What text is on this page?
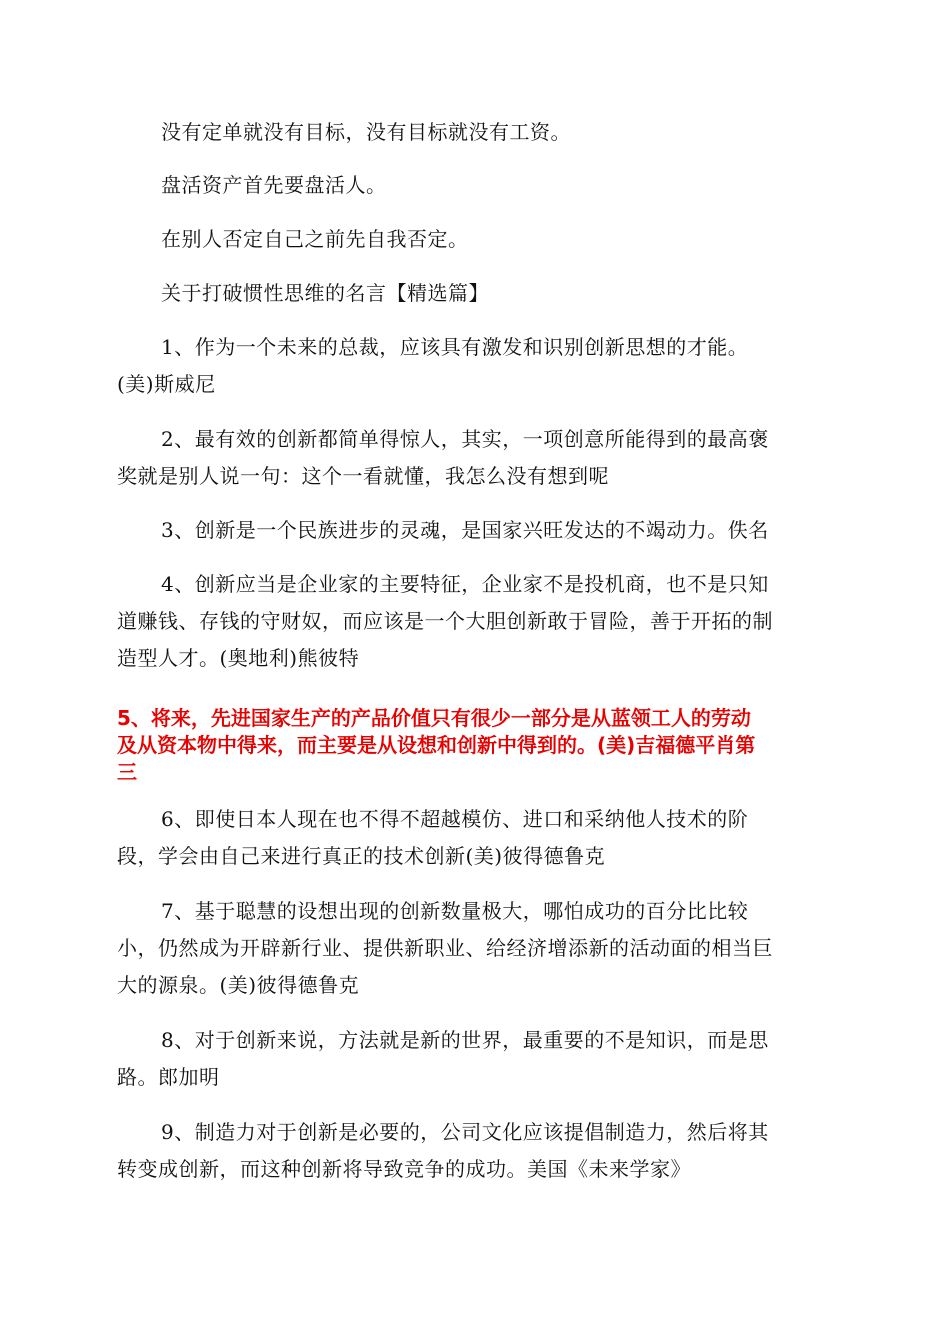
没有定单就没有目标，没有目标就没有工资。

盘活资产首先要盘活人。

在别人否定自己之前先自我否定。

关于打破惯性思维的名言【精选篇】

1、作为一个未来的总裁，应该具有激发和识别创新思想的才能。
(美)斯威尼

2、最有效的创新都简单得惊人，其实，一项创意所能得到的最高褒
奖就是别人说一句：这个一看就懂，我怎么没有想到呢

3、创新是一个民族进步的灵魂，是国家兴旺发达的不竭动力。佚名

4、创新应当是企业家的主要特征，企业家不是投机商，也不是只知
道赚钱、存钱的守财奴，而应该是一个大胆创新敢于冒险，善于开拓的制
造型人才。(奥地利)熊彼特

5、将来，先进国家生产的产品价值只有很少一部分是从蓝领工人的劳动
及从资本物中得来，而主要是从设想和创新中得到的。(美)吉福德平肖第
三

6、即使日本人现在也不得不超越模仿、进口和采纳他人技术的阶
段，学会由自己来进行真正的技术创新(美)彼得德鲁克

7、基于聪慧的设想出现的创新数量极大，哪怕成功的百分比比较
小，仍然成为开辟新行业、提供新职业、给经济增添新的活动面的相当巨
大的源泉。(美)彼得德鲁克

8、对于创新来说，方法就是新的世界，最重要的不是知识，而是思
路。郎加明

9、制造力对于创新是必要的，公司文化应该提倡制造力，然后将其
转变成创新，而这种创新将导致竞争的成功。美国《未来学家》
